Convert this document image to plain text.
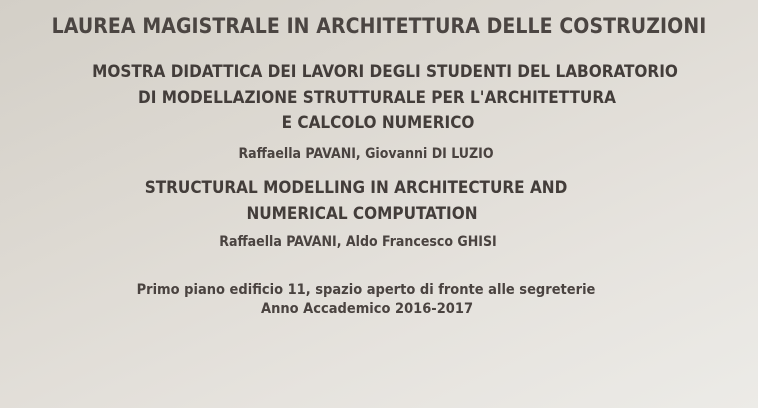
LAUREA MAGISTRALE IN ARCHITETTURA DELLE COSTRUZIONI
MOSTRA DIDATTICA DEI LAVORI DEGLI STUDENTI DEL LABORATORIO
DI MODELLAZIONE STRUTTURALE PER L'ARCHITETTURA
E CALCOLO NUMERICO
Raffaella PAVANI, Giovanni DI LUZIO
STRUCTURAL MODELLING IN ARCHITECTURE AND
NUMERICAL COMPUTATION
Raffaella PAVANI, Aldo Francesco GHISI
Primo piano edificio 11, spazio aperto di fronte alle segreterie
Anno Accademico 2016-2017
